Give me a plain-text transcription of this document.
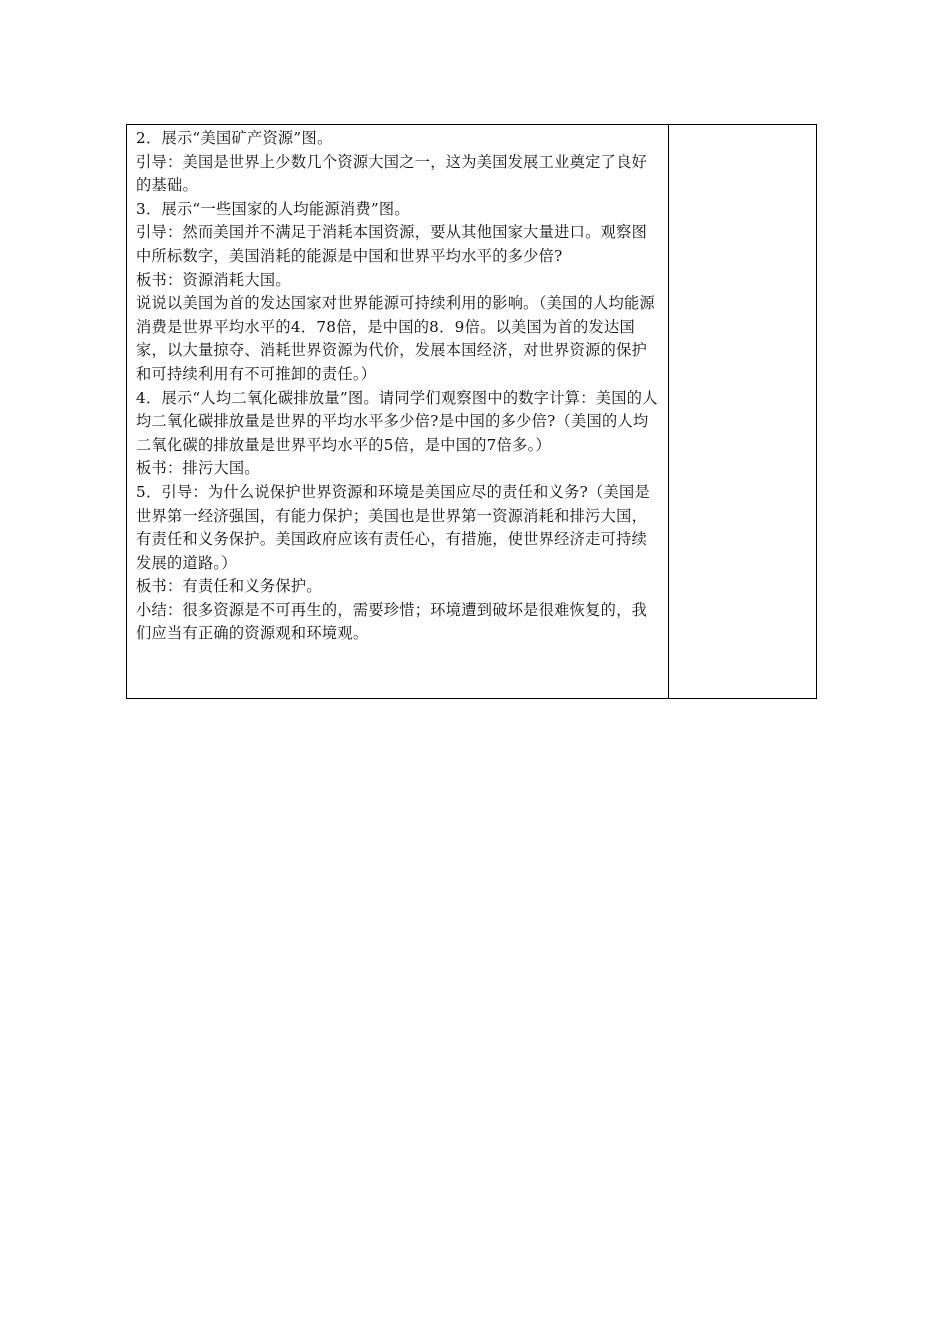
2．展示“美国矿产资源”图。

引导：美国是世界上少数几个资源大国之一，这为美国发展工业奠定了良好的基础。

3．展示“一些国家的人均能源消费”图。

引导：然而美国并不满足于消耗本国资源，要从其他国家大量进口。观察图中所标数字，美国消耗的能源是中国和世界平均水平的多少倍?

板书：资源消耗大国。

说说以美国为首的发达国家对世界能源可持续利用的影响。（美国的人均能源消费是世界平均水平的4．78倍，是中国的8．9倍。以美国为首的发达国家，以大量掠夺、消耗世界资源为代价，发展本国经济，对世界资源的保护和可持续利用有不可推卸的责任。）

4．展示“人均二氧化碳排放量”图。请同学们观察图中的数字计算：美国的人均二氧化碳排放量是世界的平均水平多少倍?是中国的多少倍?（美国的人均二氧化碳的排放量是世界平均水平的5倍，是中国的7倍多。）

板书：排污大国。

5．引导：为什么说保护世界资源和环境是美国应尽的责任和义务?（美国是世界第一经济强国，有能力保护；美国也是世界第一资源消耗和排污大国，有责任和义务保护。美国政府应该有责任心，有措施，使世界经济走可持续发展的道路。）

板书：有责任和义务保护。

小结：很多资源是不可再生的，需要珍惜；环境遭到破坏是很难恢复的，我们应当有正确的资源观和环境观。
